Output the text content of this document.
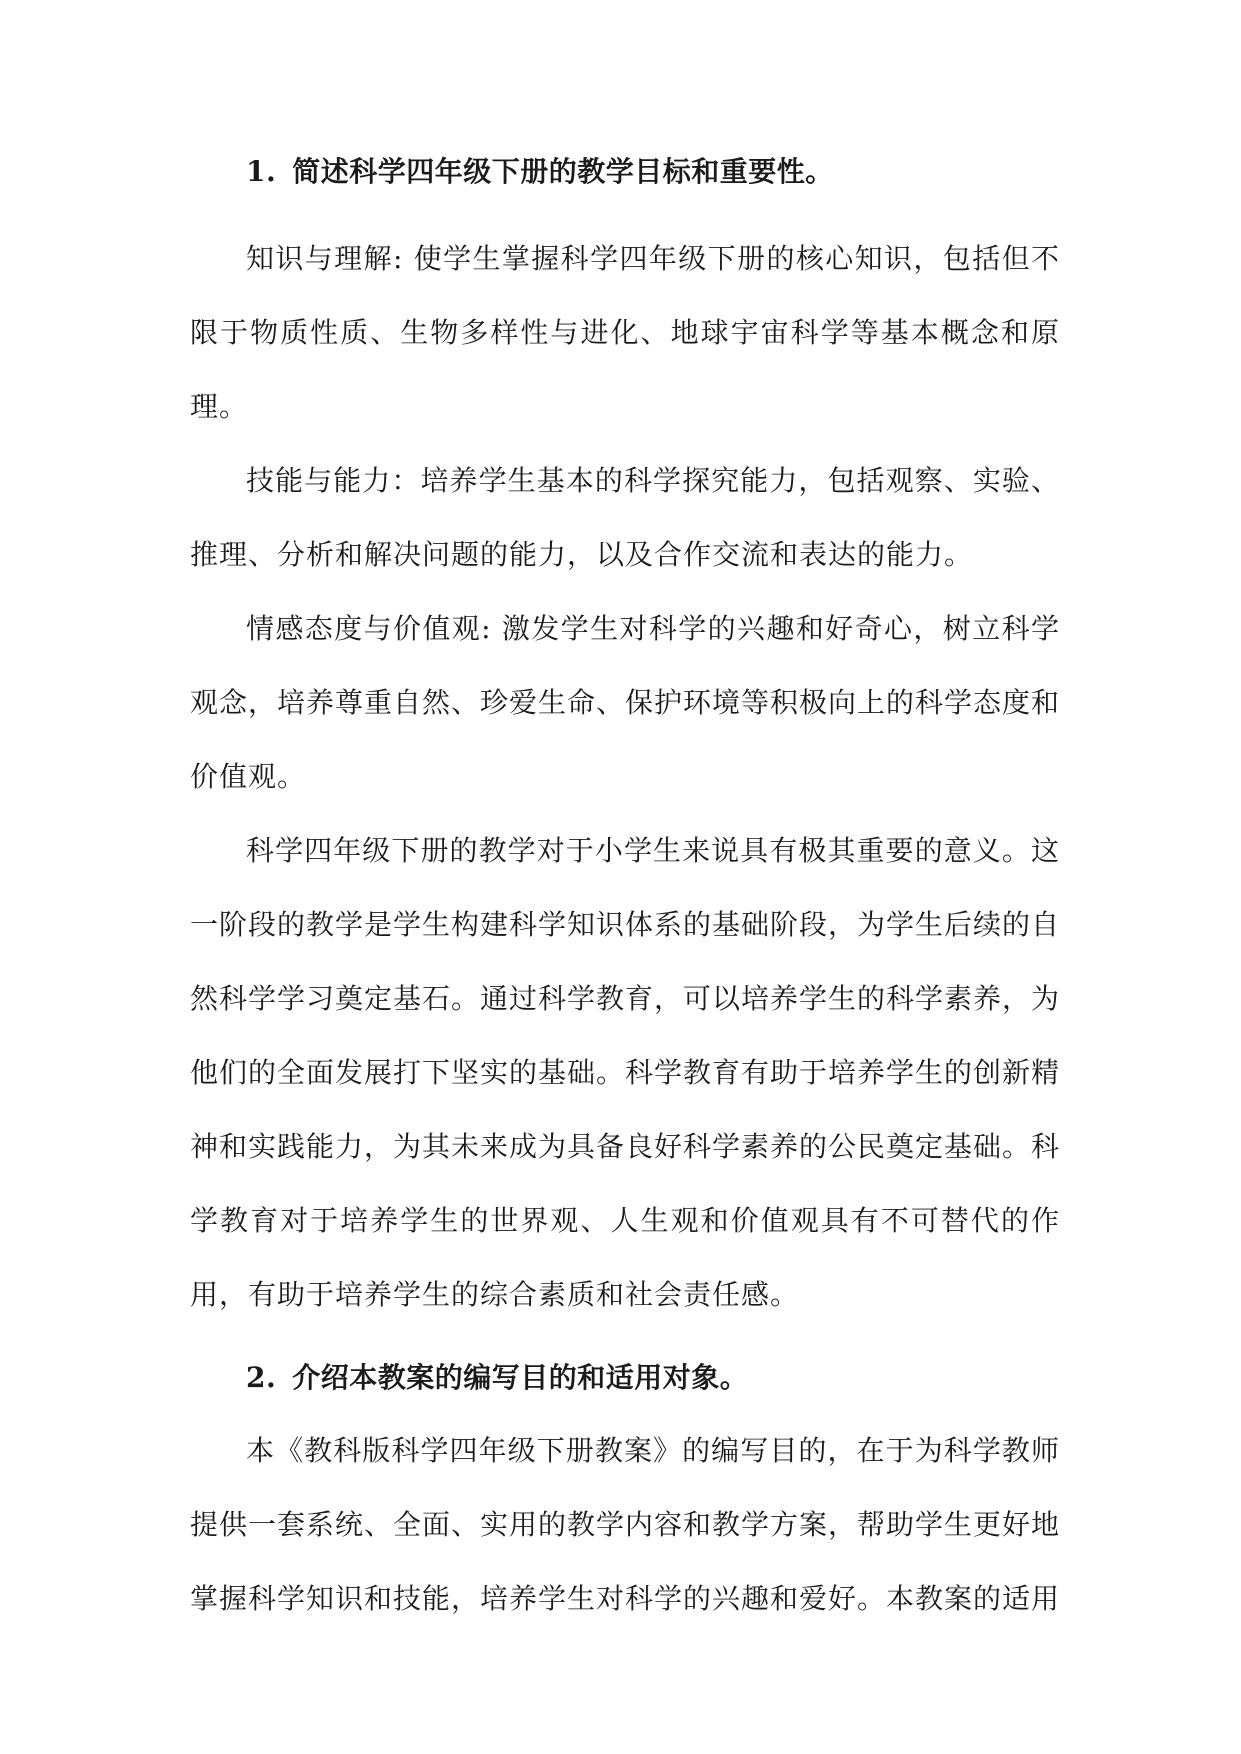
1. 简述科学四年级下册的教学目标和重要性。

知识与理解: 使学生掌握科学四年级下册的核心知识，包括但不限于物质性质、生物多样性与进化、地球宇宙科学等基本概念和原理。

技能与能力：培养学生基本的科学探究能力，包括观察、实验、推理、分析和解决问题的能力，以及合作交流和表达的能力。

情感态度与价值观: 激发学生对科学的兴趣和好奇心，树立科学观念，培养尊重自然、珍爱生命、保护环境等积极向上的科学态度和价值观。

科学四年级下册的教学对于小学生来说具有极其重要的意义。这一阶段的教学是学生构建科学知识体系的基础阶段，为学生后续的自然科学学习奠定基石。通过科学教育，可以培养学生的科学素养，为他们的全面发展打下坚实的基础。科学教育有助于培养学生的创新精神和实践能力，为其未来成为具备良好科学素养的公民奠定基础。科学教育对于培养学生的世界观、人生观和价值观具有不可替代的作用，有助于培养学生的综合素质和社会责任感。

2. 介绍本教案的编写目的和适用对象。

本《教科版科学四年级下册教案》的编写目的，在于为科学教师提供一套系统、全面、实用的教学内容和教学方案，帮助学生更好地掌握科学知识和技能，培养学生对科学的兴趣和爱好。本教案的适用
